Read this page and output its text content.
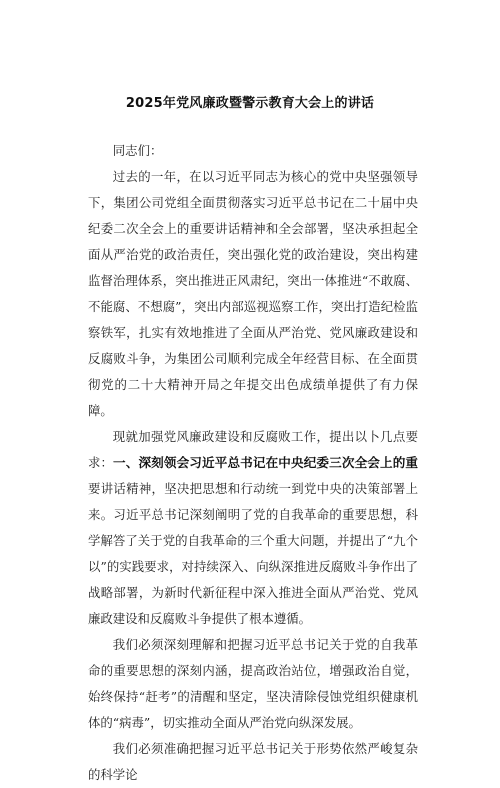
2025年党风廉政暨警示教育大会上的讲话

同志们：

过去的一年，在以习近平同志为核心的党中央坚强领导下，集团公司党组全面贯彻落实习近平总书记在二十届中央纪委二次全会上的重要讲话精神和全会部署，坚决承担起全面从严治党的政治责任，突出强化党的政治建设，突出构建监督治理体系，突出推进正风肃纪，突出一体推进“不敢腐、不能腐、不想腐”，突出内部巡视巡察工作，突出打造纪检监察铁军，扎实有效地推进了全面从严治党、党风廉政建设和反腐败斗争，为集团公司顺利完成全年经营目标、在全面贯彻党的二十大精神开局之年提交出色成绩单提供了有力保障。

现就加强党风廉政建设和反腐败工作，提出以卜几点要求：一、深刻领会习近平总书记在中央纪委三次全会上的重要讲话精神，坚决把思想和行动统一到党中央的决策部署上来。习近平总书记深刻阐明了党的自我革命的重要思想，科学解答了关于党的自我革命的三个重大问题，并提出了“九个以”的实践要求，对持续深入、向纵深推进反腐败斗争作出了战略部署，为新时代新征程中深入推进全面从严治党、党风廉政建设和反腐败斗争提供了根本遵循。

我们必须深刻理解和把握习近平总书记关于党的自我革命的重要思想的深刻内涵，提高政治站位，增强政治自觉，始终保持“赶考”的清醒和坚定，坚决清除侵蚀党组织健康机体的“病毒”，切实推动全面从严治党向纵深发展。

我们必须准确把握习近平总书记关于形势依然严峻复杂的科学论
